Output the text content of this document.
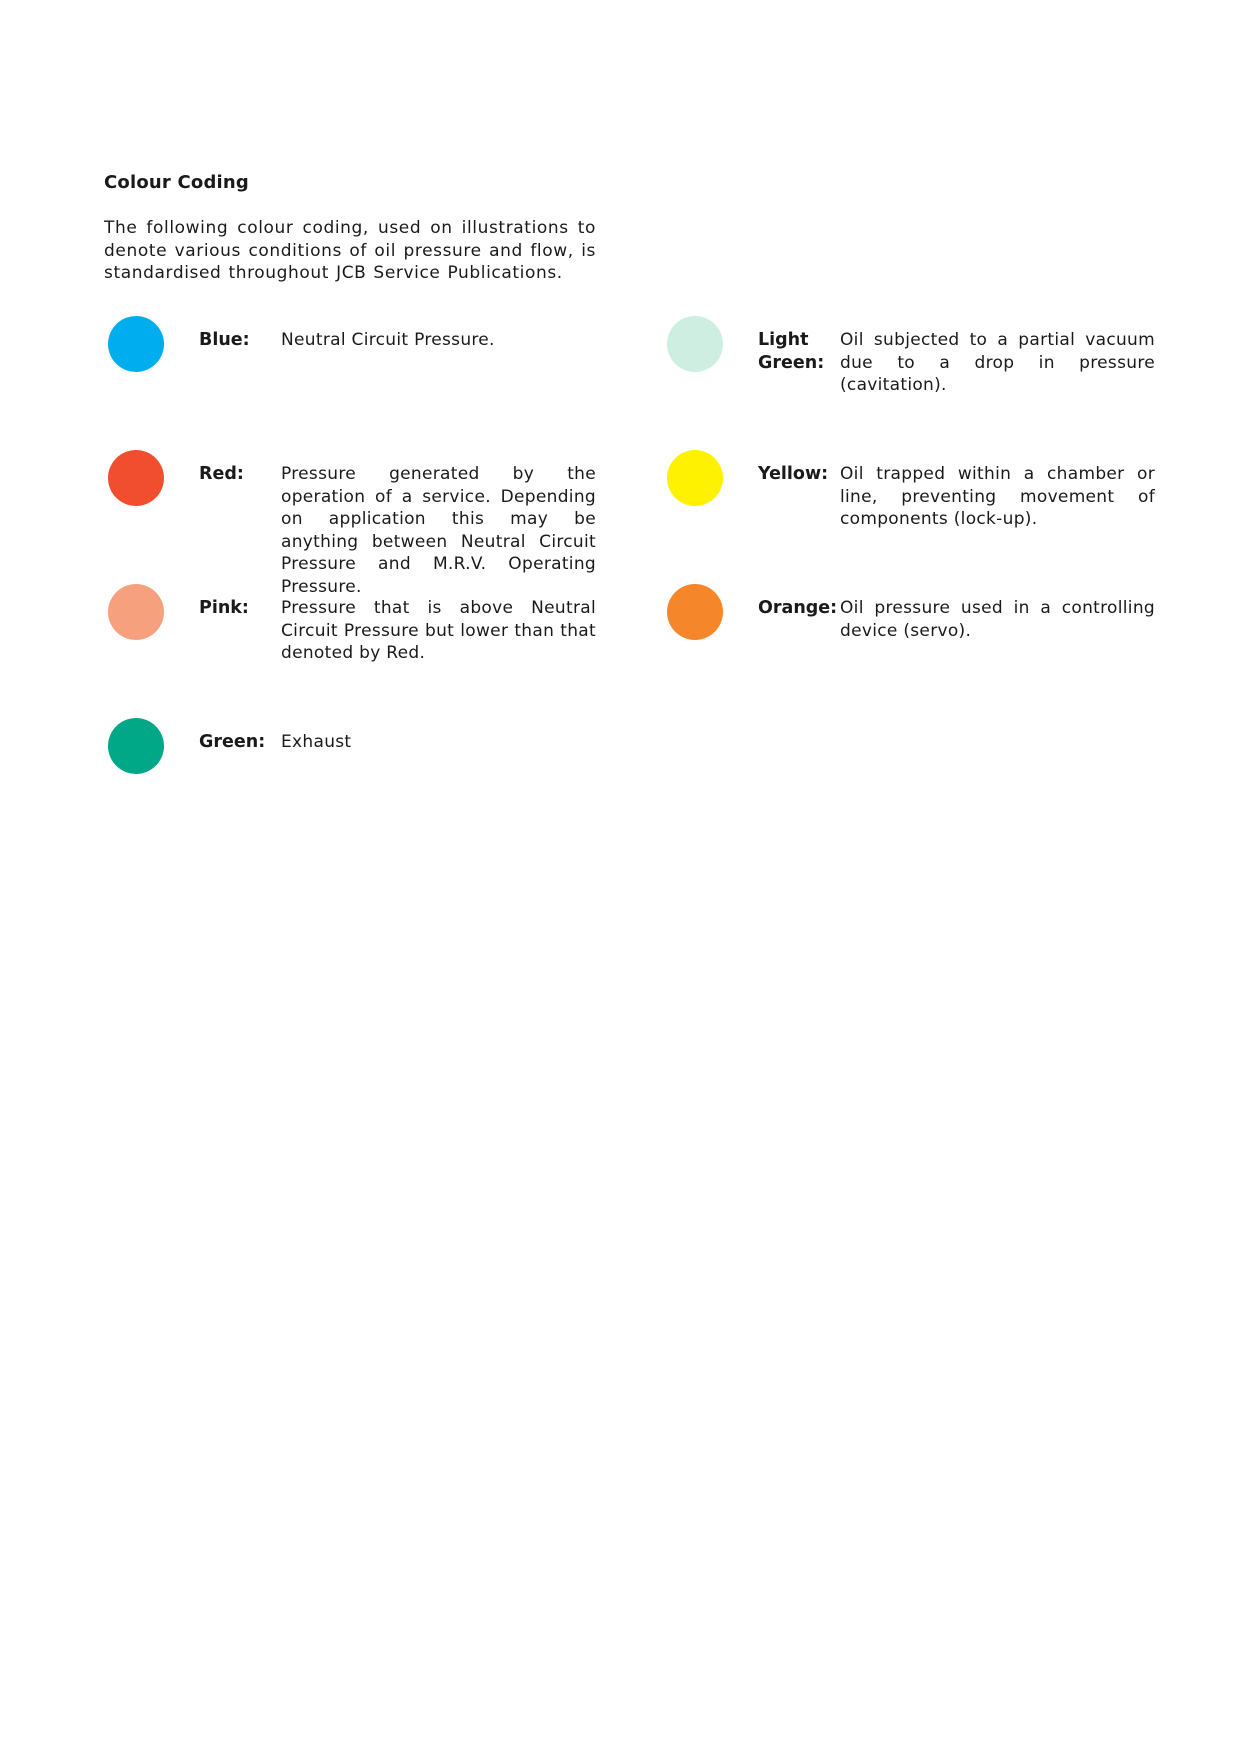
Colour Coding
The following colour coding, used on illustrations to denote various conditions of oil pressure and flow, is standardised throughout JCB Service Publications.
Blue:	Neutral Circuit Pressure.
Red:	Pressure generated by the operation of a service. Depending on application this may be anything between Neutral Circuit Pressure and M.R.V. Operating Pressure.
Pink:	Pressure that is above Neutral Circuit Pressure but lower than that denoted by Red.
Green: Exhaust
Light Green:
Oil subjected to a partial vacuum due to a drop in pressure (cavitation).
Yellow: Oil trapped within a chamber or line, preventing movement of components (lock-up).
Orange: Oil pressure used in a controlling device (servo).
